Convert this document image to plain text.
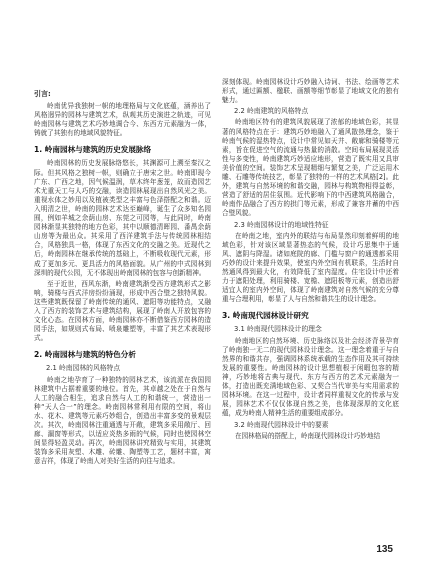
引言:

岭南优异我独树一帜的地理格局与文化底蕴，涵养出了风格迥异的园林与建筑艺术，纵观其历史演进之轨迹，可见岭南园林与建筑艺术巧妙地调合今、东西方元素融为一体，铸就了其独有的地域风貌特征。

1. 岭南园林与建筑的历史发展脉络

岭南园林的历史发展脉络悠长，其渊源可上溯至秦汉之际。但其风格之独树一帜，则确立于唐宋之世。岭南即现今广东、广西之地，因气候温润，草木终年葱茏，故而造园艺术尤重天工与人巧的交融，读造园林展现出自然风光之美。重视水体之妙用以及植被类型之丰富与色泽搭配之和谐。迈入明清之世，岭南的园林艺术达至巅峰，诞生了众多知名园囿，例如羊城之余荫山房、东莞之可园等，与此同时，岭南园林渐显其独特的地方色彩，其中以顺德清晖园、番禺余荫山房等为最出众。其采用了西洋建筑手法与传统园林相结合，风格独具一格，体现了东西文化的交融之美。近现代之后，岭南园林在继承传统的基础上，不断吸收现代元素，形成了更加多元、更具活力的风格面貌。从广州的中式园林到深圳的现代公园，无不体现出岭南园林的包容与创新精神。

至于近世，西风东渐，岭南建筑渐受西方建筑形式之影响，骑楼与西式洋房纷纷涌现，形成中西合璧之独特风貌。这些建筑既保留了岭南传统的通风、遮阳等功能特点，又融入了西方的装饰艺术与建筑结构，展现了岭南人开放包容的文化心态。在园林方面，岭南园林亦不断借鉴西方园林的造园手法，如规则式布局、喷泉雕塑等，丰富了其艺术表现形式。

2. 岭南园林与建筑的特色分析

2.1 岭南园林的风格特点

岭南之地孕育了一种独特的园林艺术，该流派在我国园林建筑中占据着重要的地位。首先，其卓越之处在于自然与人工的融合相生，追求自然与人工的和谐统一，营造出一种“天人合一”的理念。岭南园林常利用有限的空间，将山水、花木、建筑等元素巧妙组合，创造出丰富多变的景观层次。其次，岭南园林注重通透与开敞，建筑多采用敞厅、回廊、漏窗等形式，以适应炎热多雨的气候，同时也使园林空间显得轻盈灵动。再次，岭南园林讲究精致与实用，其建筑装饰多采用灰塑、木雕、砖雕、陶塑等工艺，题材丰富，寓意吉祥，体现了岭南人对美好生活的向往与追求。

深刻体现。岭南园林设计巧妙融入诗词、书法、绘画等艺术形式，通过匾额、楹联、画额等细节彰显了地域文化的独有魅力。

2.2 岭南建筑的风格特点

岭南地区特有的建筑风貌展现了浓郁的地域色彩，其显著的风格特点在于：建筑巧妙地融入了通风散热理念，鉴于岭南气候的湿热特点，设计中常见如天井、敞廊和骑楼等元素，旨在促进空气的流通与热量的消散。空间布局展现灵活性与多变性，岭南建筑巧妙适应地形，营造了既实用又具审美价值的空间。装饰艺术呈现精细与繁复之美，广泛运用木雕、石雕等传统技艺，彰显了独特的一样的艺术风格[2]。此外，建筑与自然环境的和谐交融，园林与构筑物相得益彰，营造了舒适的居住氛围。近代影响下的中西建筑风格融合，岭南作品融合了西方的拱门等元素，形成了兼容并蓄的中西合璧风貌。

2.3 岭南园林设计的地域性特征

在岭南之地，室内外的联结与布局显然印刻着鲜明的地域色彩，针对该区域显著热态的气候，设计巧思集中于通风、遮阴与降湿。诸如庭院的廊、门槛与窗户的通透都采用巧妙的设计来提升效果，使室内外空间有机联系，生活时自然通风得到最大化，有效降低了室内湿度。住宅设计中还着力于遮阳处理，利用骑楼、宽檐、遮阳板等元素，创造出舒适宜人的室内外空间，体现了岭南建筑对自然气候的充分尊重与合理利用，彰显了人与自然和谐共生的设计理念。

3. 岭南现代园林设计研究

3.1 岭南现代园林设计的理念

岭南地区的自然环境、历史脉络以及社会经济背景孕育了岭南独一无二的现代园林设计理念。这一理念着重于与自然界的和谐共存，强调园林系统承载的生态作用及其可持续发展的重要性。岭南园林的设计思想植根于闲暇包容的精神，巧妙地将古典与现代、东方与西方的艺术元素融为一体，打造出既充满地域色彩、又契合当代审美与实用需求的园林环境。在这一过程中，设计者同样重视文化的传承与发展，园林艺术不仅仅体现自然之美，也体现深厚的文化底蕴，成为岭南人精神生活的重要组成部分。

3.2 岭南现代园林设计中的要素

在园林格局的搭配上，岭南现代园林设计巧妙地结

135
